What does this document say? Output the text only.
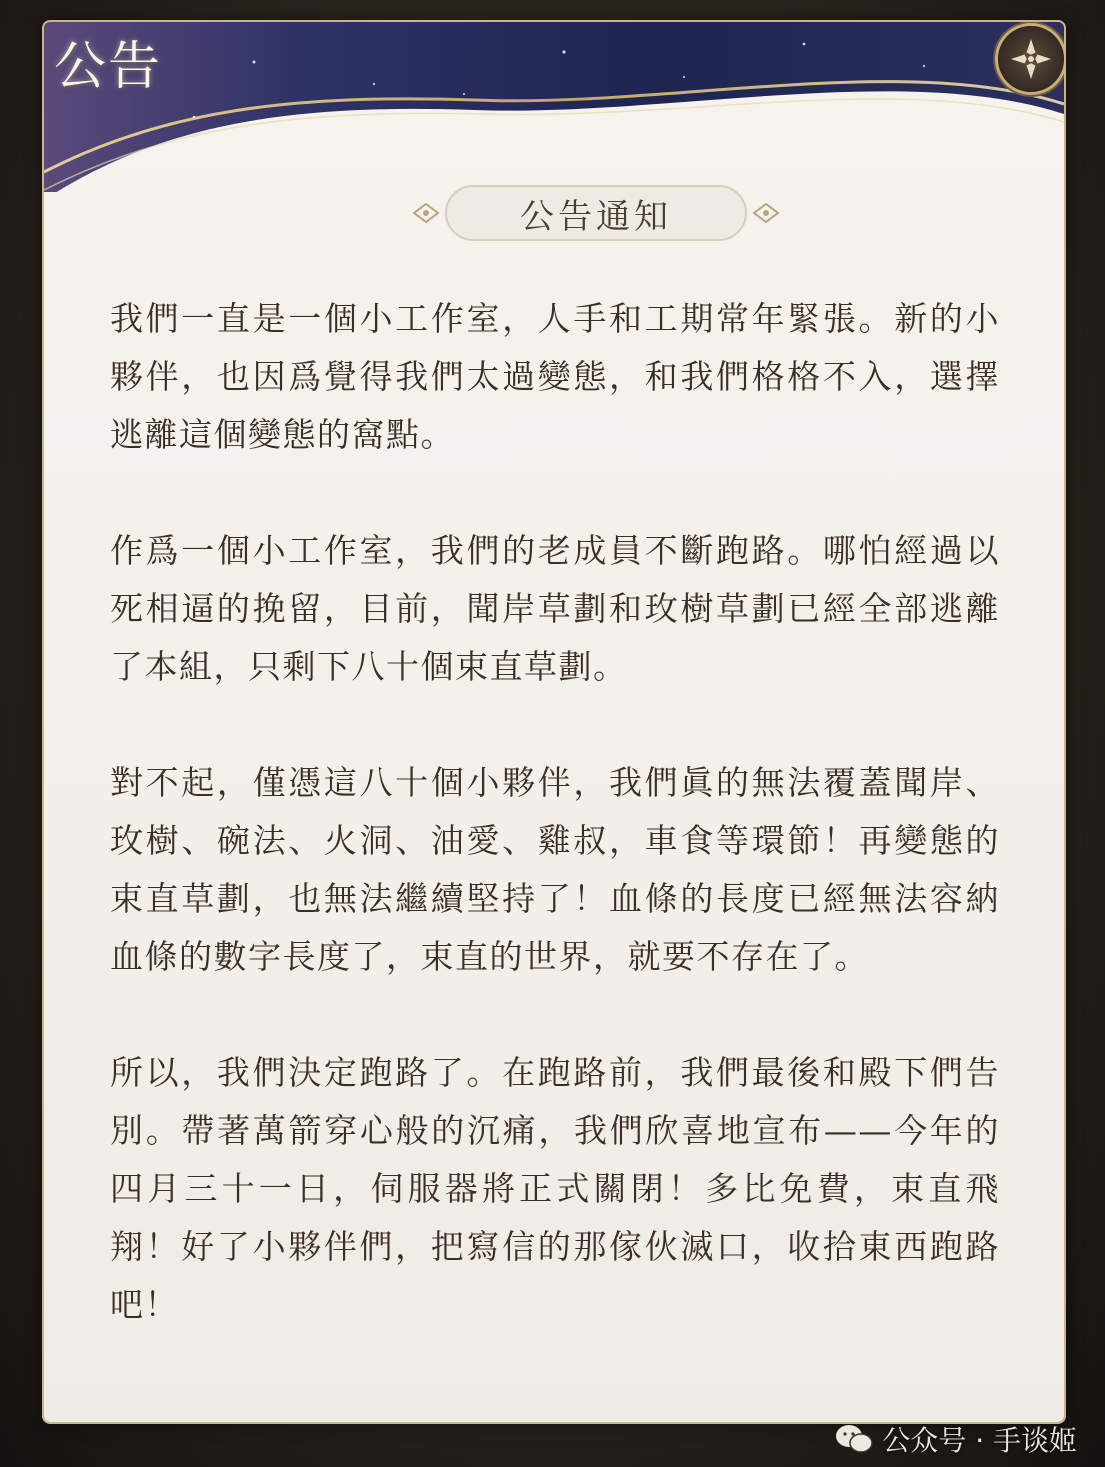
公告
公告通知

我們一直是一個小工作室，人手和工期常年緊張。新的小夥伴，也因爲覺得我們太過變態，和我們格格不入，選擇逃離這個變態的窩點。

作爲一個小工作室，我們的老成員不斷跑路。哪怕經過以死相逼的挽留，目前，聞岸草劃和玫樹草劃已經全部逃離了本組，只剩下八十個束直草劃。

對不起，僅憑這八十個小夥伴，我們眞的無法覆蓋聞岸、玫樹、碗法、火洞、油愛、雞叔，車食等環節！再變態的束直草劃，也無法繼續堅持了！血條的長度已經無法容納血條的數字長度了，束直的世界，就要不存在了。

所以，我們決定跑路了。在跑路前，我們最後和殿下們告別。帶著萬箭穿心般的沉痛，我們欣喜地宣布——今年的四月三十一日，伺服器將正式關閉！多比免費，束直飛翔！好了小夥伴們，把寫信的那傢伙滅口，收拾東西跑路吧！

公众号 · 手谈姬
